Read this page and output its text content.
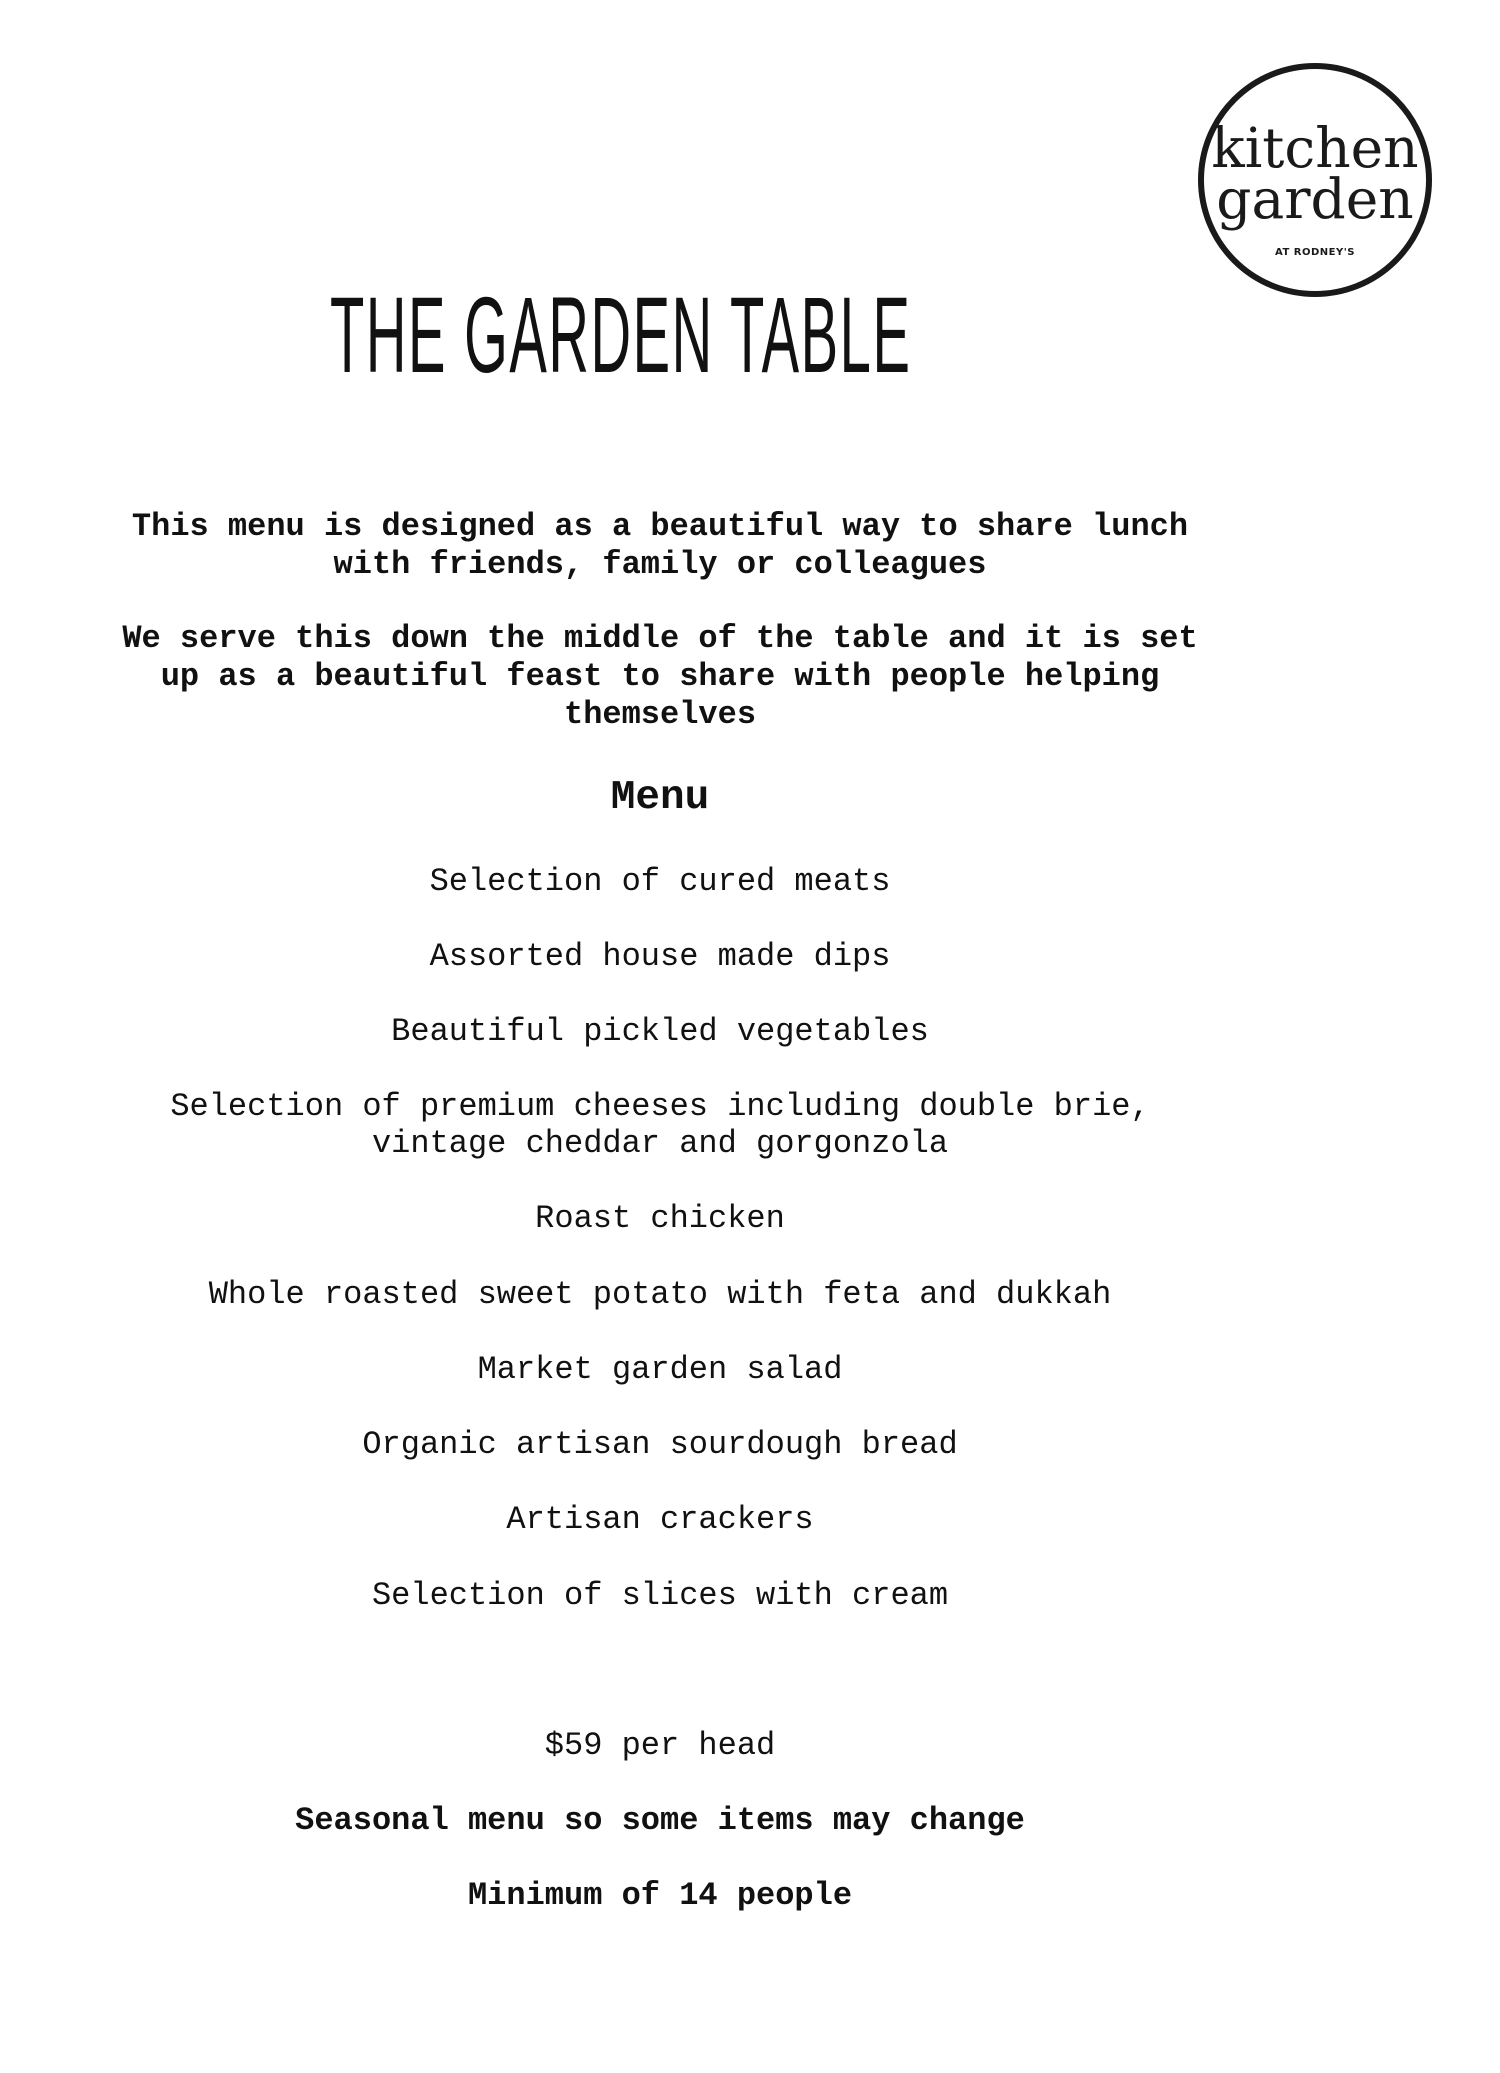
kitchen
garden
AT RODNEY'S
THE GARDEN TABLE
This menu is designed as a beautiful way to share lunch
with friends, family or colleagues
We serve this down the middle of the table and it is set
up as a beautiful feast to share with people helping
themselves
Menu
Selection of cured meats
Assorted house made dips
Beautiful pickled vegetables
Selection of premium cheeses including double brie,
vintage cheddar and gorgonzola
Roast chicken
Whole roasted sweet potato with feta and dukkah
Market garden salad
Organic artisan sourdough bread
Artisan crackers
Selection of slices with cream
$59 per head
Seasonal menu so some items may change
Minimum of 14 people
